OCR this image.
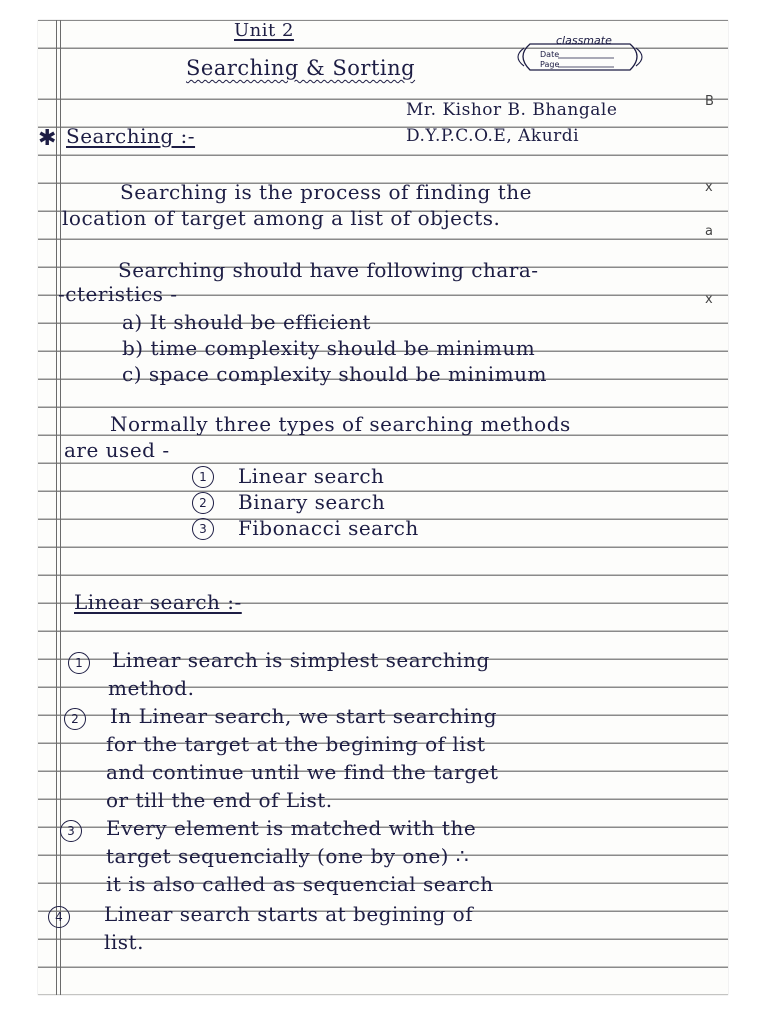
Unit 2
Searching & Sorting
classmate
Date
Page
Mr. Kishor B. Bhangale
D.Y.P.C.O.E, Akurdi
✱ Searching :-
Searching is the process of finding the
location of target among a list of objects.
Searching should have following chara-
-cteristics -
a) It should be efficient
b) time complexity should be minimum
c) space complexity should be minimum
Normally three types of searching methods
are used -
1	Linear search
2	Binary search
3	Fibonacci search
Linear search :-
1	Linear search is simplest searching
method.
2	In Linear search, we start searching
for the target at the begining of list
and continue until we find the target
or till the end of List.
3	Every element is matched with the
target sequencially (one by one) ∴
it is also called as sequencial search
4	Linear search starts at begining of
list.
B
x
a
x
